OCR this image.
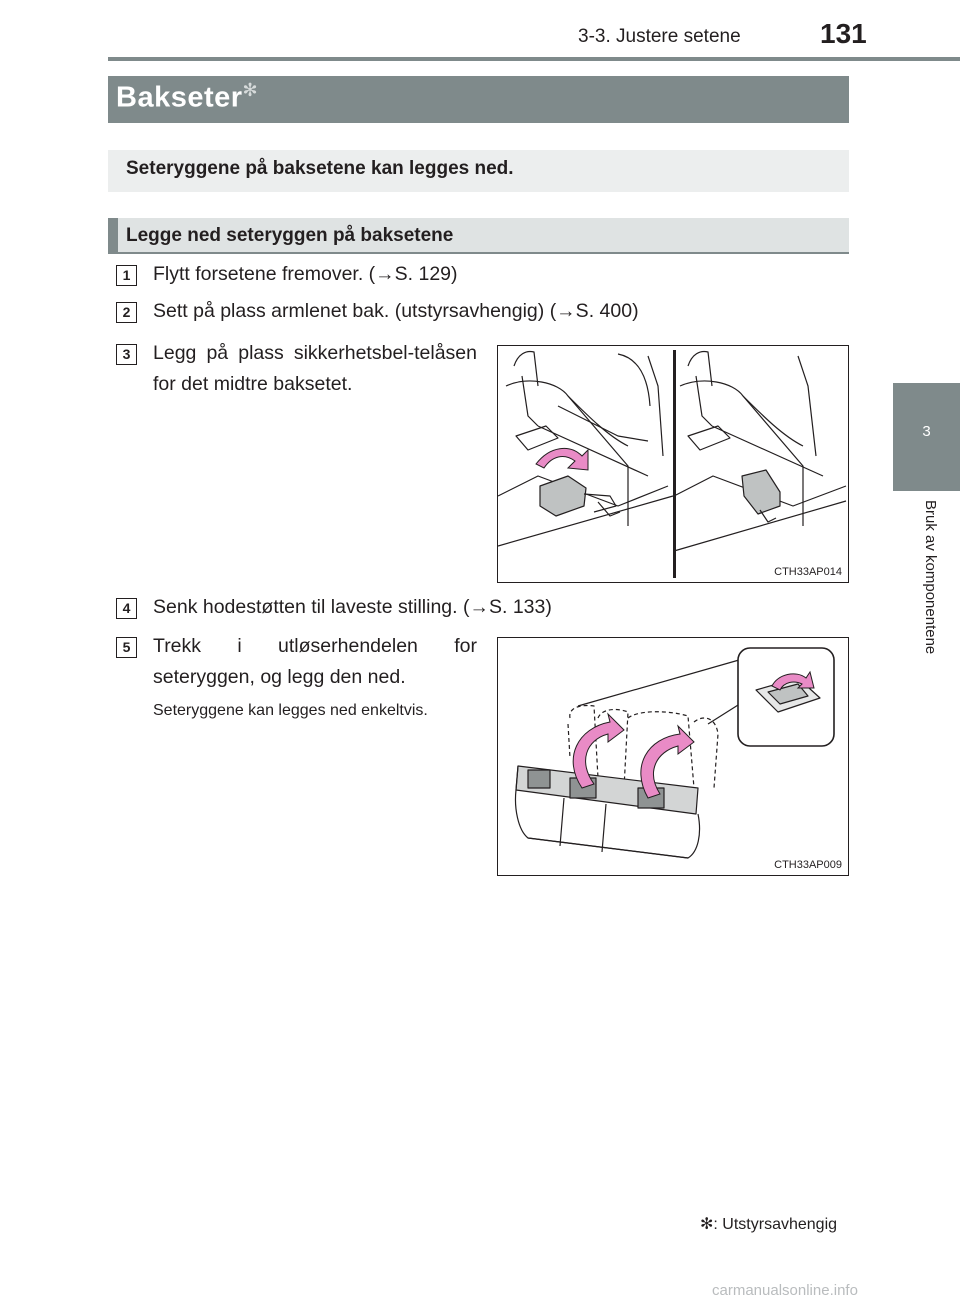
3-3. Justere setene	131
3
Bruk av komponentene
Bakseter✻
Seteryggene på baksetene kan legges ned.
Legge ned seteryggen på baksetene
1	Flytt forsetene fremover. (→S. 129)
2	Sett på plass armlenet bak. (utstyrsavhengig) (→S. 400)
3	Legg på plass sikkerhetsbel-telåsen for det midtre baksetet.
CTH33AP014
4	Senk hodestøtten til laveste stilling. (→S. 133)
5	Trekk i utløserhendelen for seteryggen, og legg den ned.
Seteryggene kan legges ned enkeltvis.
CTH33AP009
✻: Utstyrsavhengig
carmanualsonline.info
